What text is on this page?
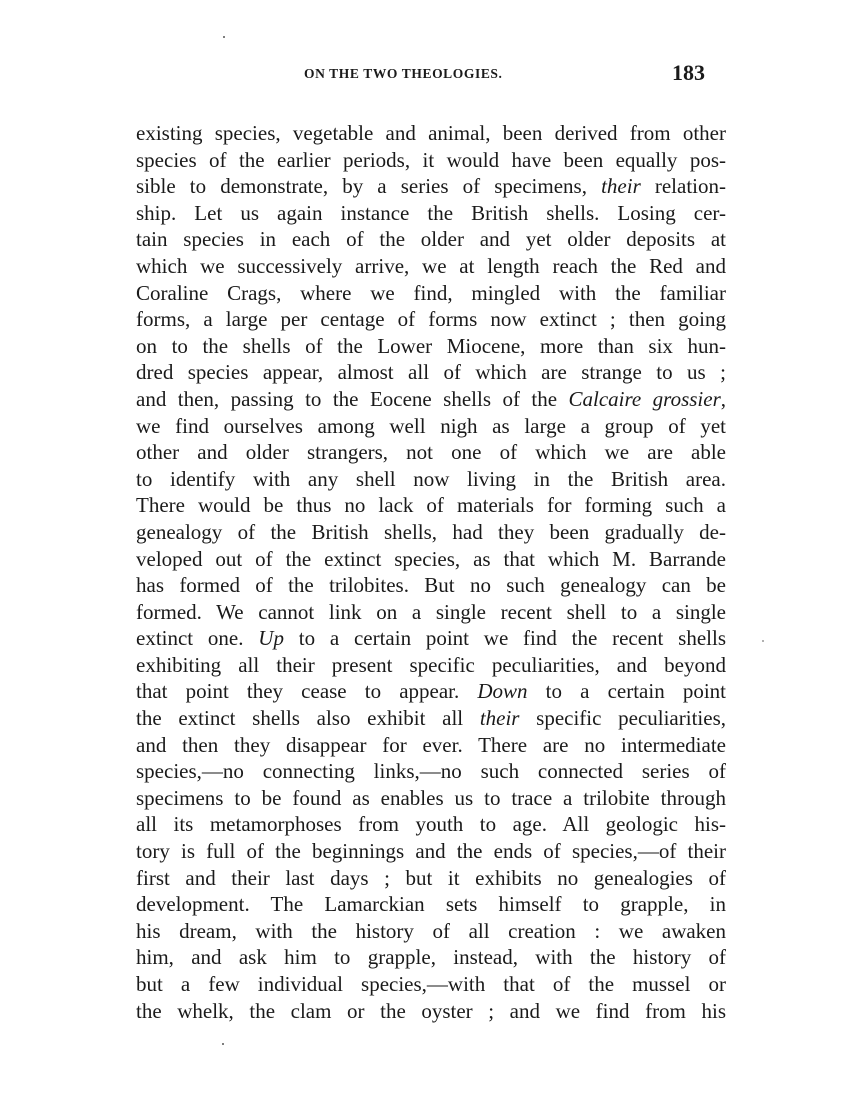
ON THE TWO THEOLOGIES.	183
existing species, vegetable and animal, been derived from other
species of the earlier periods, it would have been equally pos-
sible to demonstrate, by a series of specimens, their relation-
ship. Let us again instance the British shells. Losing cer-
tain species in each of the older and yet older deposits at
which we successively arrive, we at length reach the Red and
Coraline Crags, where we find, mingled with the familiar
forms, a large per centage of forms now extinct ; then going
on to the shells of the Lower Miocene, more than six hun-
dred species appear, almost all of which are strange to us ;
and then, passing to the Eocene shells of the Calcaire grossier,
we find ourselves among well nigh as large a group of yet
other and older strangers, not one of which we are able
to identify with any shell now living in the British area.
There would be thus no lack of materials for forming such a
genealogy of the British shells, had they been gradually de-
veloped out of the extinct species, as that which M. Barrande
has formed of the trilobites. But no such genealogy can be
formed. We cannot link on a single recent shell to a single
extinct one. Up to a certain point we find the recent shells
exhibiting all their present specific peculiarities, and beyond
that point they cease to appear. Down to a certain point
the extinct shells also exhibit all their specific peculiarities,
and then they disappear for ever. There are no intermediate
species,—no connecting links,—no such connected series of
specimens to be found as enables us to trace a trilobite through
all its metamorphoses from youth to age. All geologic his-
tory is full of the beginnings and the ends of species,—of their
first and their last days ; but it exhibits no genealogies of
development. The Lamarckian sets himself to grapple, in
his dream, with the history of all creation : we awaken
him, and ask him to grapple, instead, with the history of
but a few individual species,—with that of the mussel or
the whelk, the clam or the oyster ; and we find from his
